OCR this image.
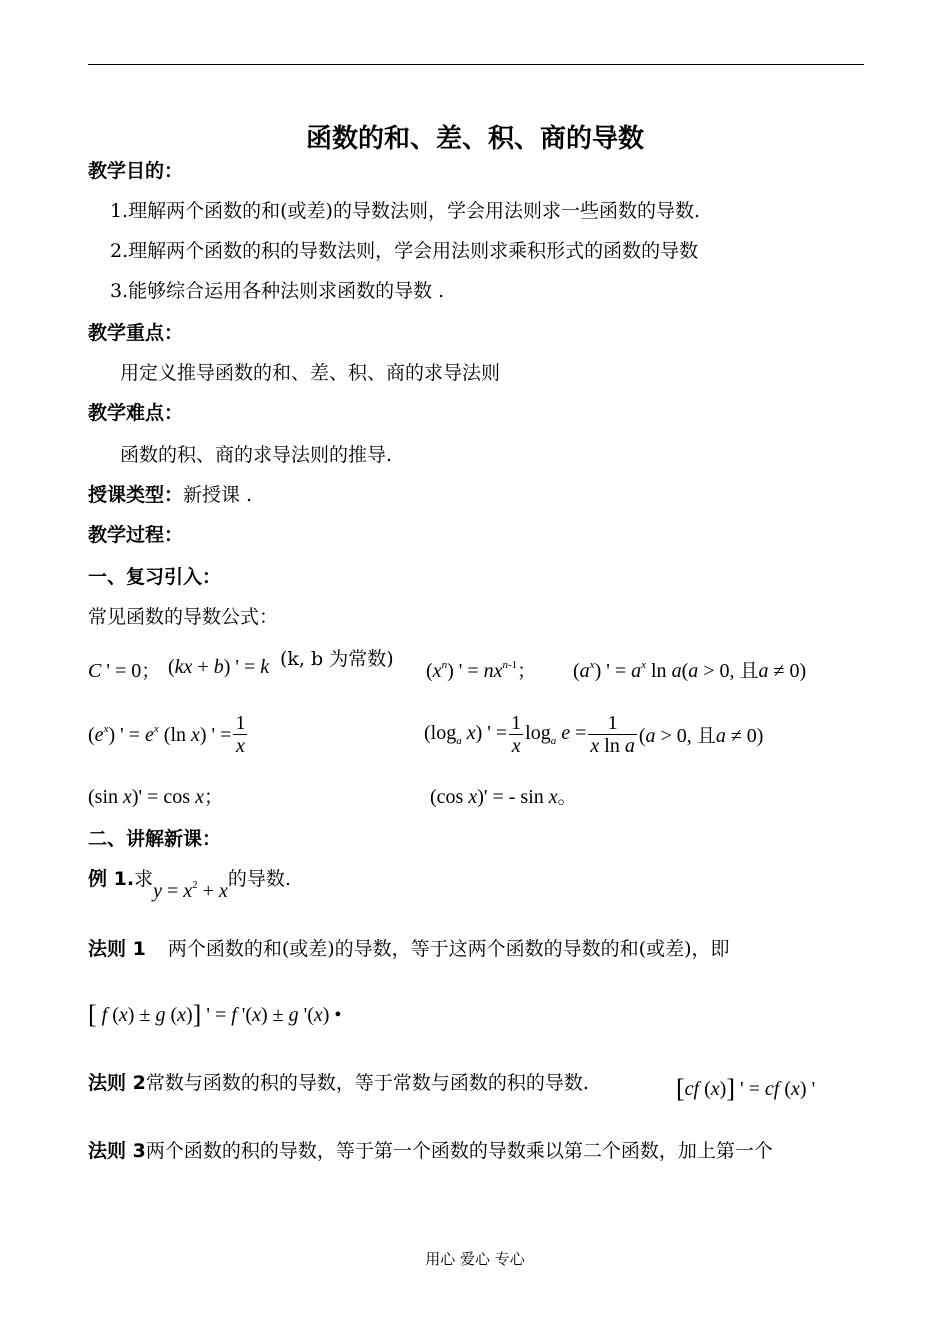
函数的和、差、积、商的导数
教学目的：
1.理解两个函数的和(或差)的导数法则，学会用法则求一些函数的导数.
2.理解两个函数的积的导数法则，学会用法则求乘积形式的函数的导数
3.能够综合运用各种法则求函数的导数 .
教学重点：
用定义推导函数的和、差、积、商的求导法则
教学难点：
函数的积、商的求导法则的推导.
授课类型：新授课 .
教学过程：
一、复习引入：
常见函数的导数公式：
C ' = 0； (kx + b) ' = k (k, b 为常数)
$(x^n)$ ' = $nx^{n-1}$； $(a^x)$ ' = $a^x$ ln a(a > 0, 且a ≠ 0)
$(e^x)$ ' = $e^x$ (ln x) ' = $\frac{1}{x}$	($\log_a$ x) ' = $\frac{1}{x} \log_a e = \frac{1}{\text{x ln a}} (a > 0$, 且a ≠ 0)
(sin x)' = cos x；	(cos x)' = - sin x。
二、讲解新课：
例 1.求$y = x^2 + x$的导数.
法则 1 两个函数的和(或差)的导数，等于这两个函数的导数的和(或差)，即
[ f (x) ± g (x)] ' = f '(x) ± g '(x) •
法则 2常数与函数的积的导数，等于常数与函数的积的导数.	[cf (x)] ' = cf (x) '
法则 3两个函数的积的导数，等于第一个函数的导数乘以第二个函数，加上第一个
用心 爱心 专心
